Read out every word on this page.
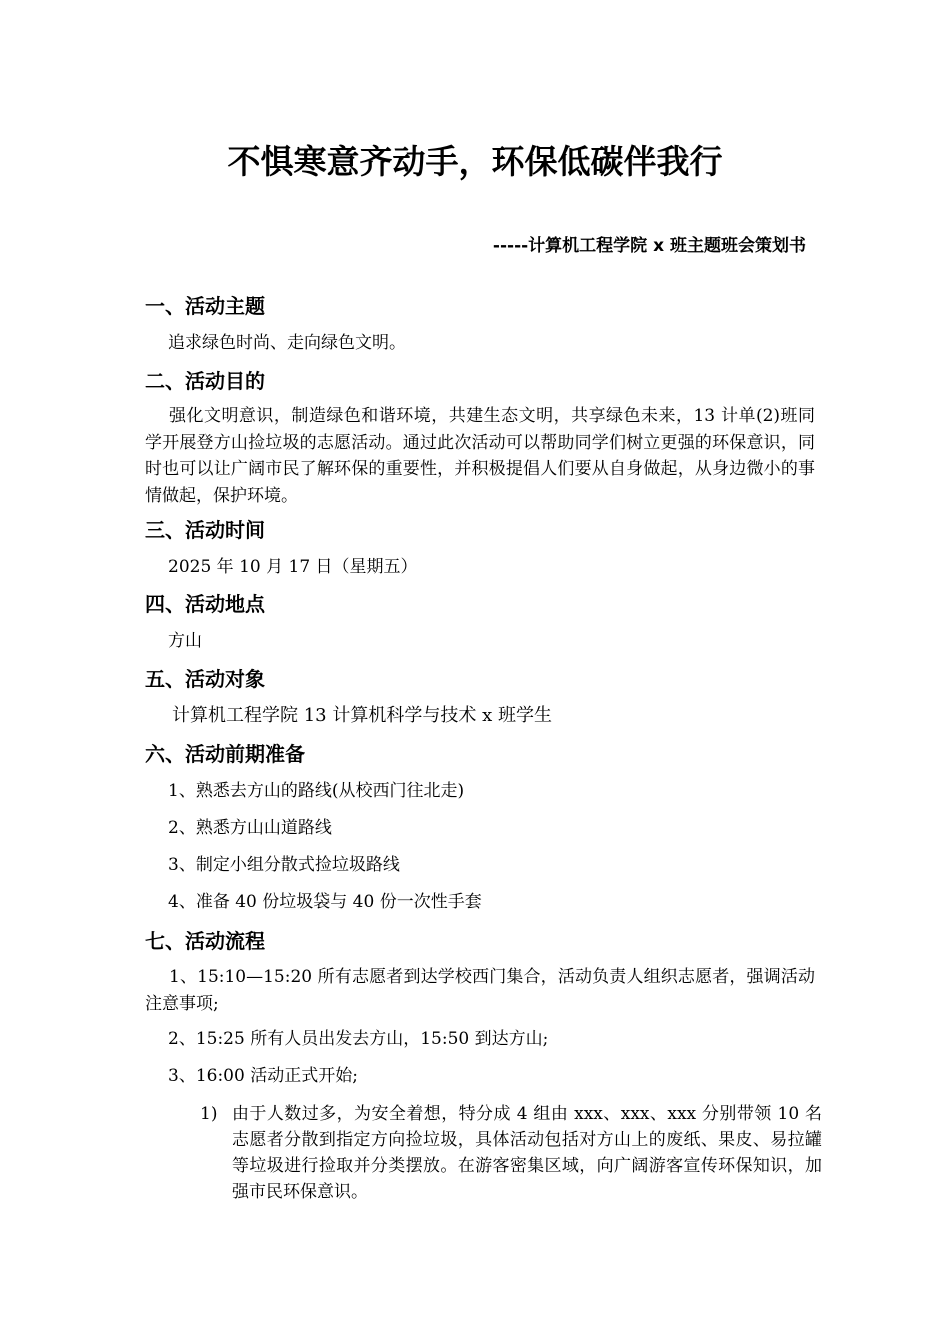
不惧寒意齐动手，环保低碳伴我行
-----计算机工程学院 x 班主题班会策划书
一、活动主题
追求绿色时尚、走向绿色文明。
二、活动目的
强化文明意识，制造绿色和谐环境，共建生态文明，共享绿色未来，13 计单(2)班同学开展登方山捡垃圾的志愿活动。通过此次活动可以帮助同学们树立更强的环保意识，同时也可以让广阔市民了解环保的重要性，并积极提倡人们要从自身做起，从身边微小的事情做起，保护环境。
三、活动时间
2025 年 10 月 17 日（星期五）
四、活动地点
方山
五、活动对象
计算机工程学院 13 计算机科学与技术 x 班学生
六、活动前期准备
1、熟悉去方山的路线(从校西门往北走)
2、熟悉方山山道路线
3、制定小组分散式捡垃圾路线
4、准备 40 份垃圾袋与 40 份一次性手套
七、活动流程
1、15:10—15:20 所有志愿者到达学校西门集合，活动负责人组织志愿者，强调活动注意事项;
2、15:25 所有人员出发去方山，15:50 到达方山;
3、16:00 活动正式开始;
1) 由于人数过多，为安全着想，特分成 4 组由 xxx、xxx、xxx 分别带领 10 名志愿者分散到指定方向捡垃圾，具体活动包括对方山上的废纸、果皮、易拉罐等垃圾进行捡取并分类摆放。在游客密集区域，向广阔游客宣传环保知识，加强市民环保意识。
